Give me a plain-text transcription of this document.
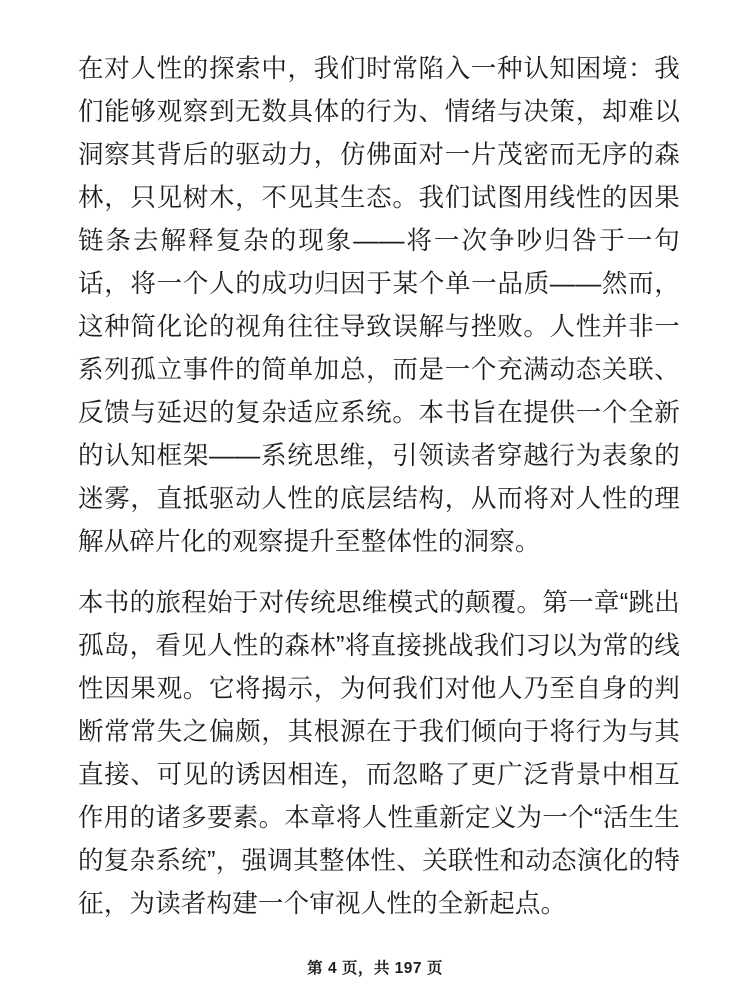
在对人性的探索中，我们时常陷入一种认知困境：我们能够观察到无数具体的行为、情绪与决策，却难以洞察其背后的驱动力，仿佛面对一片茂密而无序的森林，只见树木，不见其生态。我们试图用线性的因果链条去解释复杂的现象——将一次争吵归咎于一句话，将一个人的成功归因于某个单一品质——然而，这种简化论的视角往往导致误解与挫败。人性并非一系列孤立事件的简单加总，而是一个充满动态关联、反馈与延迟的复杂适应系统。本书旨在提供一个全新的认知框架——系统思维，引领读者穿越行为表象的迷雾，直抵驱动人性的底层结构，从而将对人性的理解从碎片化的观察提升至整体性的洞察。

本书的旅程始于对传统思维模式的颠覆。第一章“跳出孤岛，看见人性的森林”将直接挑战我们习以为常的线性因果观。它将揭示，为何我们对他人乃至自身的判断常常失之偏颇，其根源在于我们倾向于将行为与其直接、可见的诱因相连，而忽略了更广泛背景中相互作用的诸多要素。本章将人性重新定义为一个“活生生的复杂系统”，强调其整体性、关联性和动态演化的特征，为读者构建一个审视人性的全新起点。

第 4 页，共 197 页
